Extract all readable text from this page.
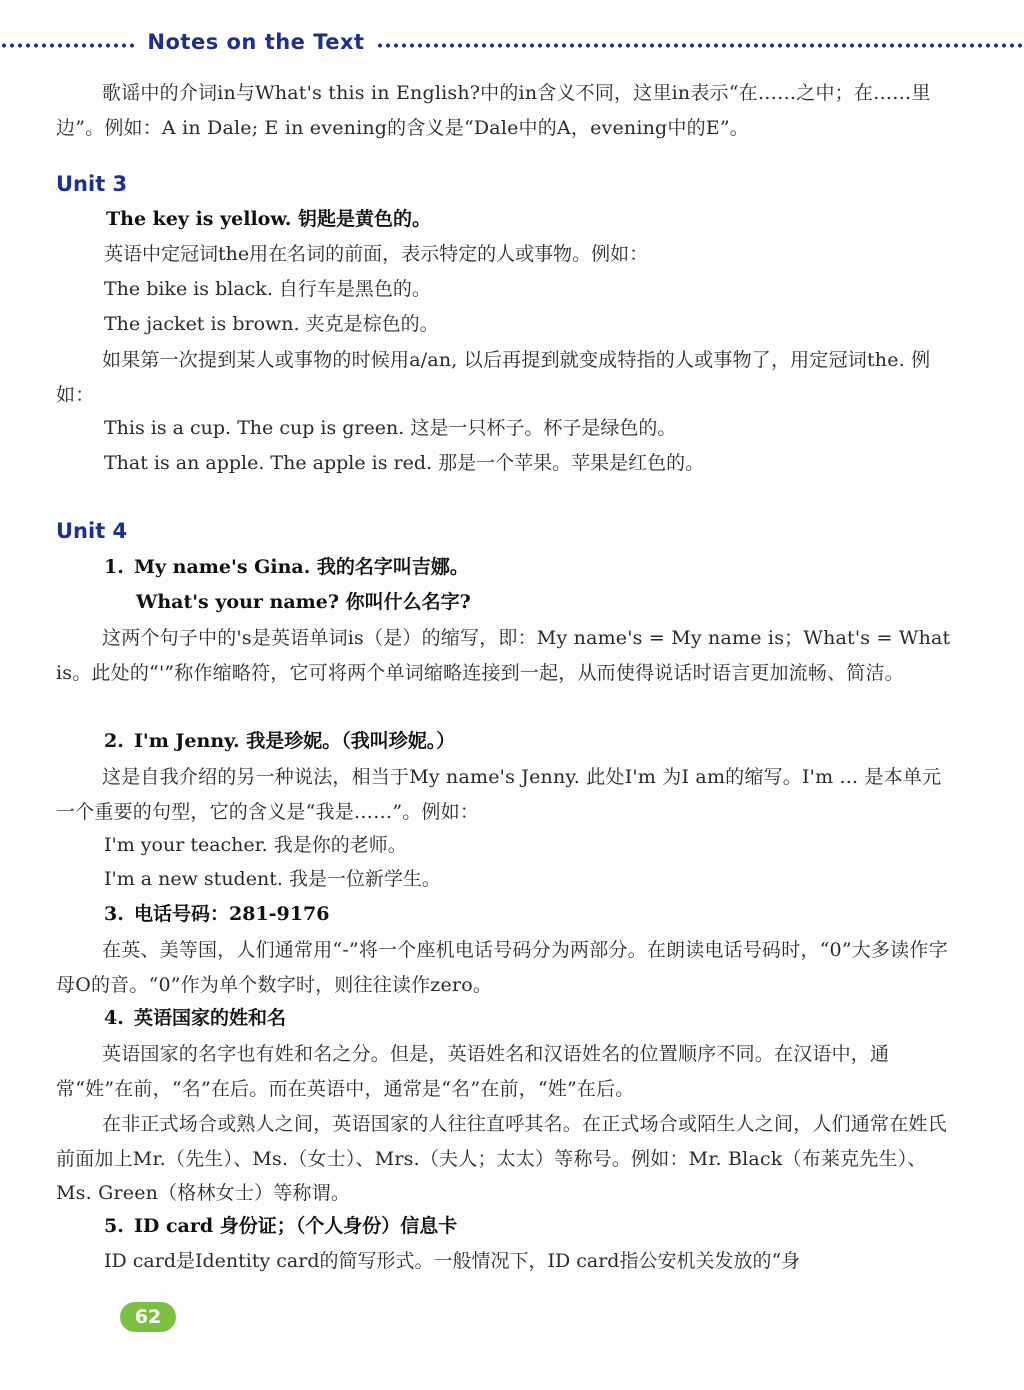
Notes on the Text

歌谣中的介词in与What's this in English?中的in含义不同，这里in表示“在……之中；在……里边”。例如：A in Dale; E in evening的含义是“Dale中的A，evening中的E”。

Unit 3

The key is yellow. 钥匙是黄色的。

英语中定冠词the用在名词的前面，表示特定的人或事物。例如：

The bike is black. 自行车是黑色的。

The jacket is brown. 夹克是棕色的。

如果第一次提到某人或事物的时候用a/an, 以后再提到就变成特指的人或事物了，用定冠词the. 例如：

This is a cup. The cup is green. 这是一只杯子。杯子是绿色的。

That is an apple. The apple is red. 那是一个苹果。苹果是红色的。

Unit 4

1. My name's Gina. 我的名字叫吉娜。

What's your name? 你叫什么名字?

这两个句子中的's是英语单词is（是）的缩写，即：My name's = My name is；What's = What is。此处的“'”称作缩略符，它可将两个单词缩略连接到一起，从而使得说话时语言更加流畅、简洁。

2. I'm Jenny. 我是珍妮。（我叫珍妮。）

这是自我介绍的另一种说法，相当于My name's Jenny. 此处I'm 为I am的缩写。I'm ... 是本单元一个重要的句型，它的含义是“我是……”。例如：

I'm your teacher. 我是你的老师。

I'm a new student. 我是一位新学生。

3. 电话号码：281-9176

在英、美等国，人们通常用“-”将一个座机电话号码分为两部分。在朗读电话号码时，“0”大多读作字母O的音。“0”作为单个数字时，则往往读作zero。

4. 英语国家的姓和名

英语国家的名字也有姓和名之分。但是，英语姓名和汉语姓名的位置顺序不同。在汉语中，通常“姓”在前，“名”在后。而在英语中，通常是“名”在前，“姓”在后。

在非正式场合或熟人之间，英语国家的人往往直呼其名。在正式场合或陌生人之间，人们通常在姓氏前面加上Mr.（先生）、Ms.（女士）、Mrs.（夫人；太太）等称号。例如：Mr. Black（布莱克先生）、Ms. Green（格林女士）等称谓。

5. ID card 身份证；（个人身份）信息卡

ID card是Identity card的简写形式。一般情况下，ID card指公安机关发放的“身

62
